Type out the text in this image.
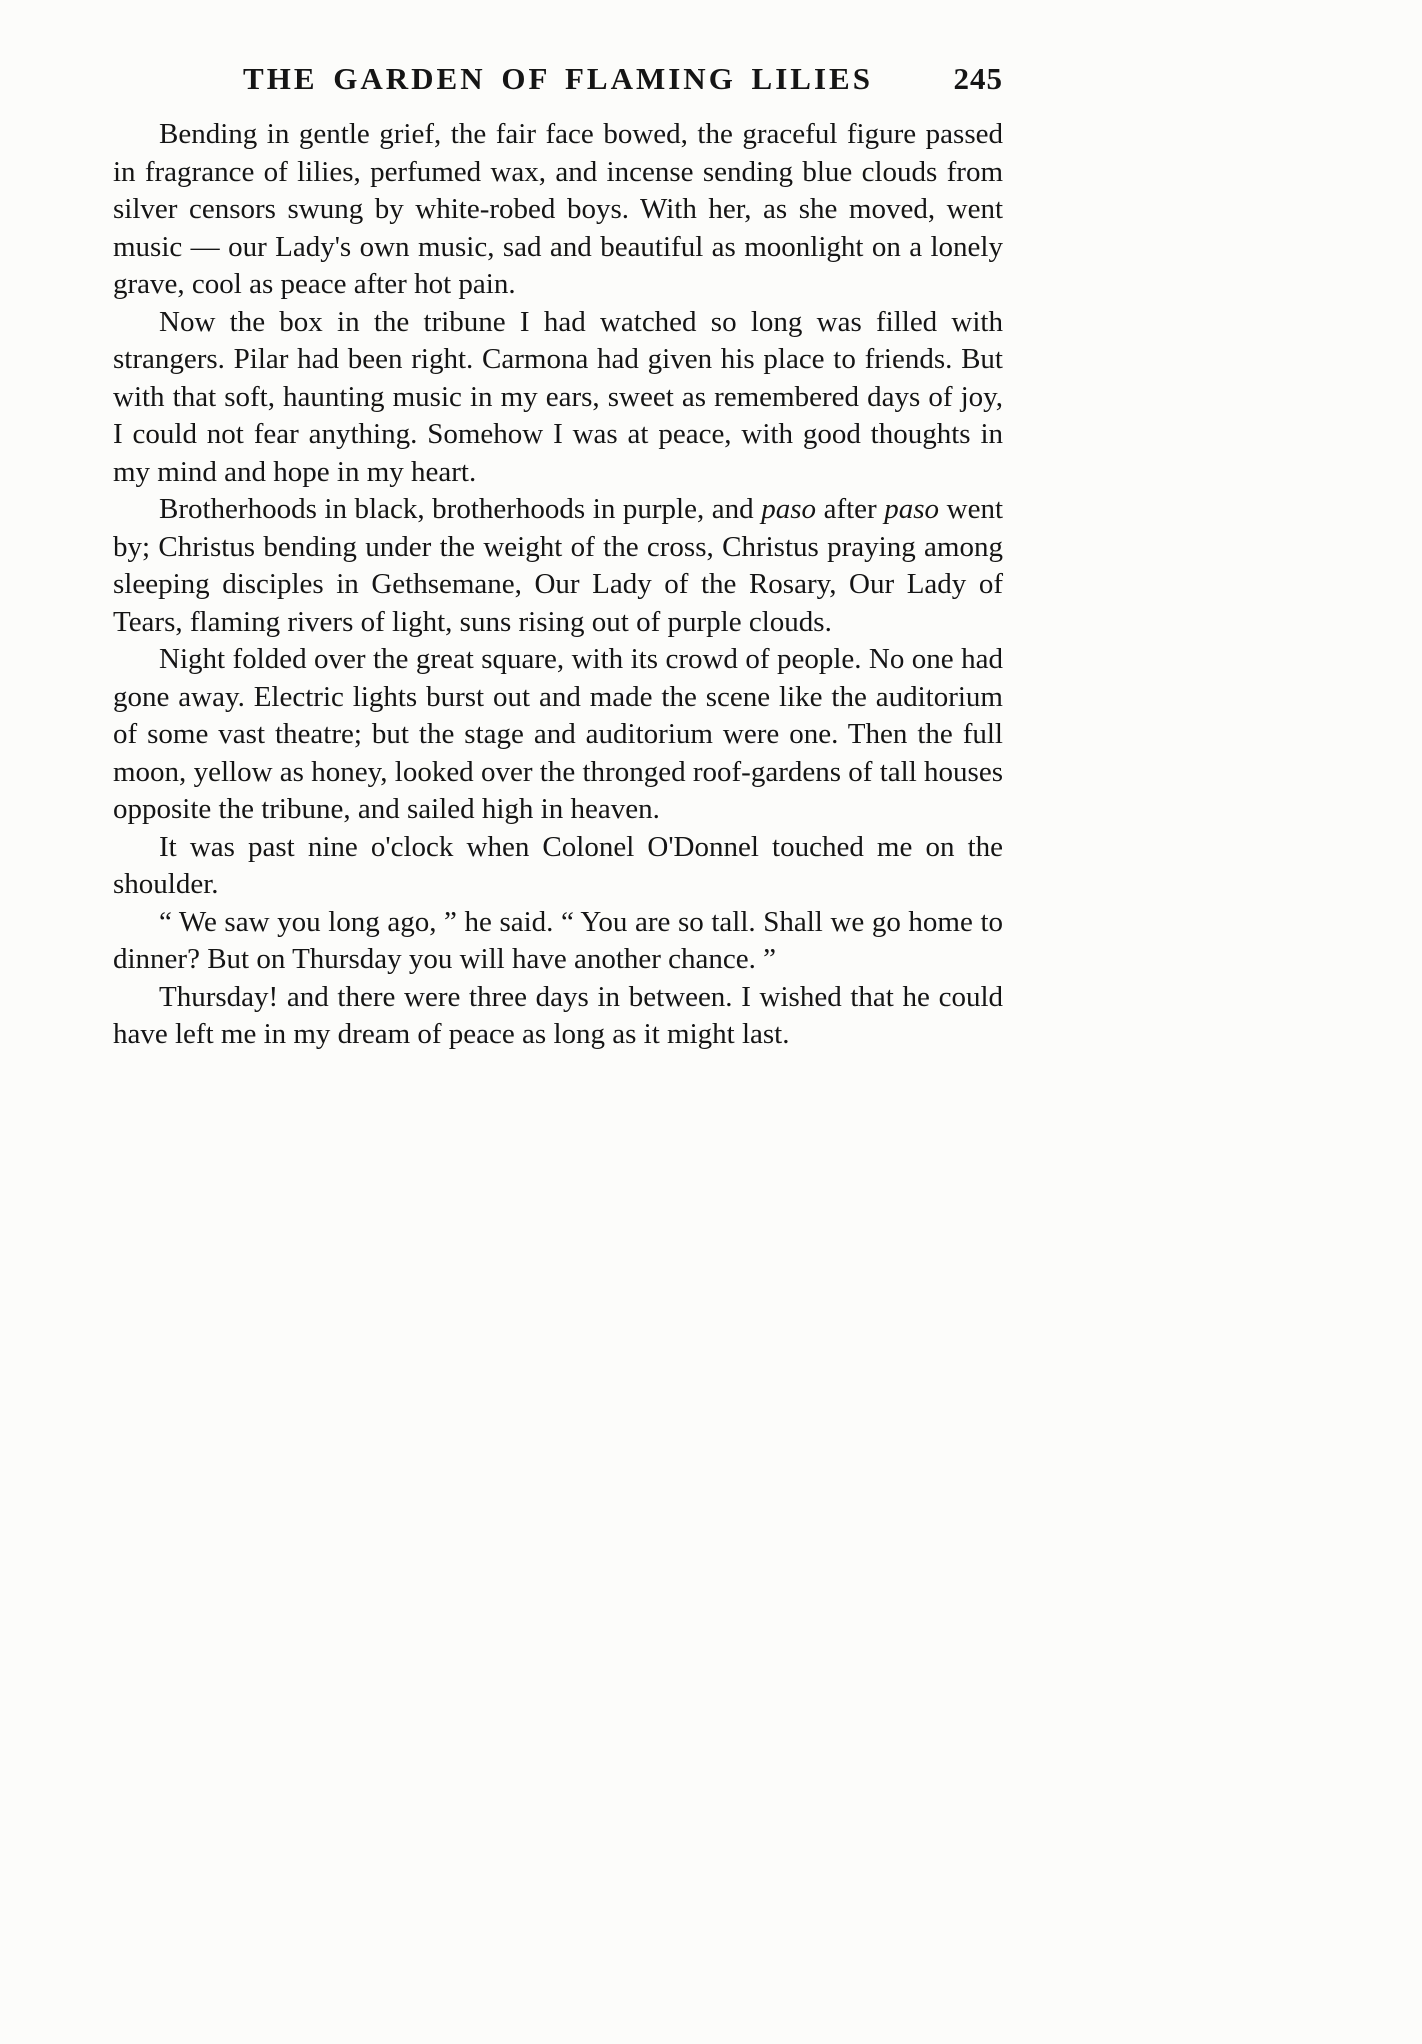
THE GARDEN OF FLAMING LILIES	245

Bending in gentle grief, the fair face bowed, the graceful figure passed in fragrance of lilies, perfumed wax, and incense sending blue clouds from silver censors swung by white-robed boys. With her, as she moved, went music — our Lady's own music, sad and beautiful as moonlight on a lonely grave, cool as peace after hot pain.

Now the box in the tribune I had watched so long was filled with strangers. Pilar had been right. Carmona had given his place to friends. But with that soft, haunting music in my ears, sweet as remembered days of joy, I could not fear anything. Somehow I was at peace, with good thoughts in my mind and hope in my heart.

Brotherhoods in black, brotherhoods in purple, and paso after paso went by; Christus bending under the weight of the cross, Christus praying among sleeping disciples in Gethsemane, Our Lady of the Rosary, Our Lady of Tears, flaming rivers of light, suns rising out of purple clouds.

Night folded over the great square, with its crowd of people. No one had gone away. Electric lights burst out and made the scene like the auditorium of some vast theatre; but the stage and auditorium were one. Then the full moon, yellow as honey, looked over the thronged roof-gardens of tall houses opposite the tribune, and sailed high in heaven.

It was past nine o'clock when Colonel O'Donnel touched me on the shoulder.

“ We saw you long ago, ” he said. “ You are so tall. Shall we go home to dinner? But on Thursday you will have another chance. ”

Thursday! and there were three days in between. I wished that he could have left me in my dream of peace as long as it might last.
